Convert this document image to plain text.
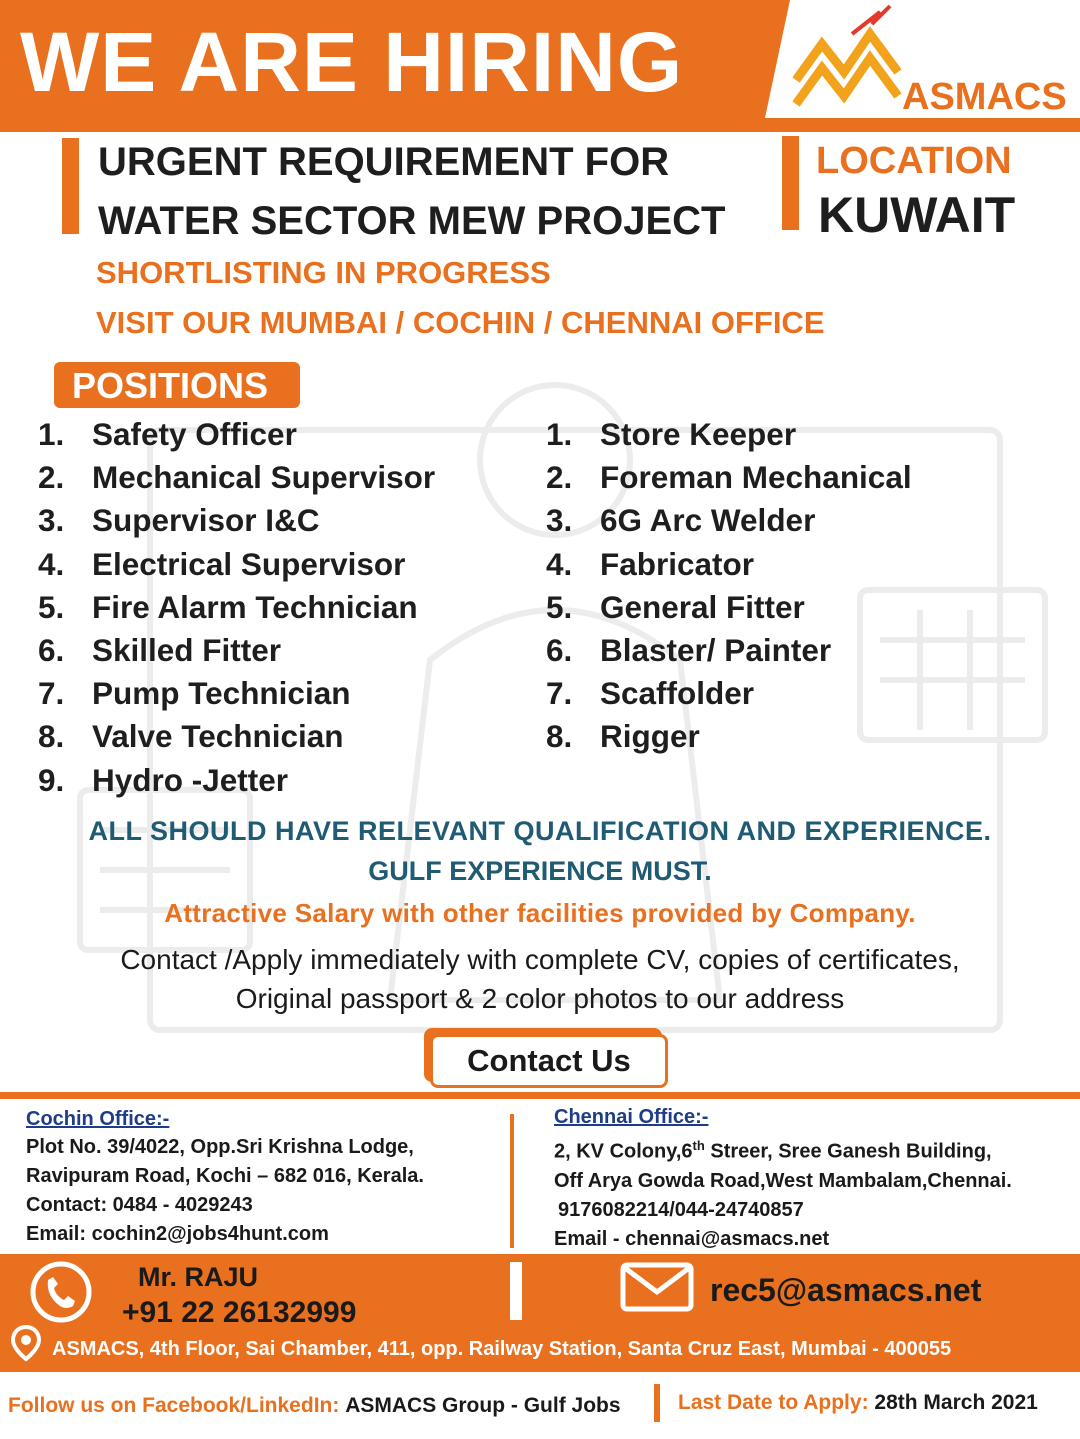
WE ARE HIRING	ASMACS
URGENT REQUIREMENT FOR
WATER SECTOR MEW PROJECT
LOCATION
KUWAIT
SHORTLISTING IN PROGRESS
VISIT OUR MUMBAI / COCHIN / CHENNAI OFFICE
POSITIONS
1. Safety Officer
2. Mechanical Supervisor
3. Supervisor I&C
4. Electrical Supervisor
5. Fire Alarm Technician
6. Skilled Fitter
7. Pump Technician
8. Valve Technician
9. Hydro -Jetter
1. Store Keeper
2. Foreman Mechanical
3. 6G Arc Welder
4. Fabricator
5. General Fitter
6. Blaster/ Painter
7. Scaffolder
8. Rigger
ALL SHOULD HAVE RELEVANT QUALIFICATION AND EXPERIENCE.
GULF EXPERIENCE MUST.
Attractive Salary with other facilities provided by Company.
Contact /Apply immediately with complete CV, copies of certificates,
Original passport & 2 color photos to our address
Contact Us
Cochin Office:-
Plot No. 39/4022, Opp.Sri Krishna Lodge,
Ravipuram Road, Kochi – 682 016, Kerala.
Contact: 0484 - 4029243
Email: cochin2@jobs4hunt.com
Chennai Office:-
2, KV Colony,6th Streer, Sree Ganesh Building,
Off Arya Gowda Road,West Mambalam,Chennai.
9176082214/044-24740857
Email - chennai@asmacs.net
Mr. RAJU
+91 22 26132999
rec5@asmacs.net
ASMACS, 4th Floor, Sai Chamber, 411, opp. Railway Station, Santa Cruz East, Mumbai - 400055
Follow us on Facebook/LinkedIn: ASMACS Group - Gulf Jobs	Last Date to Apply: 28th March 2021
